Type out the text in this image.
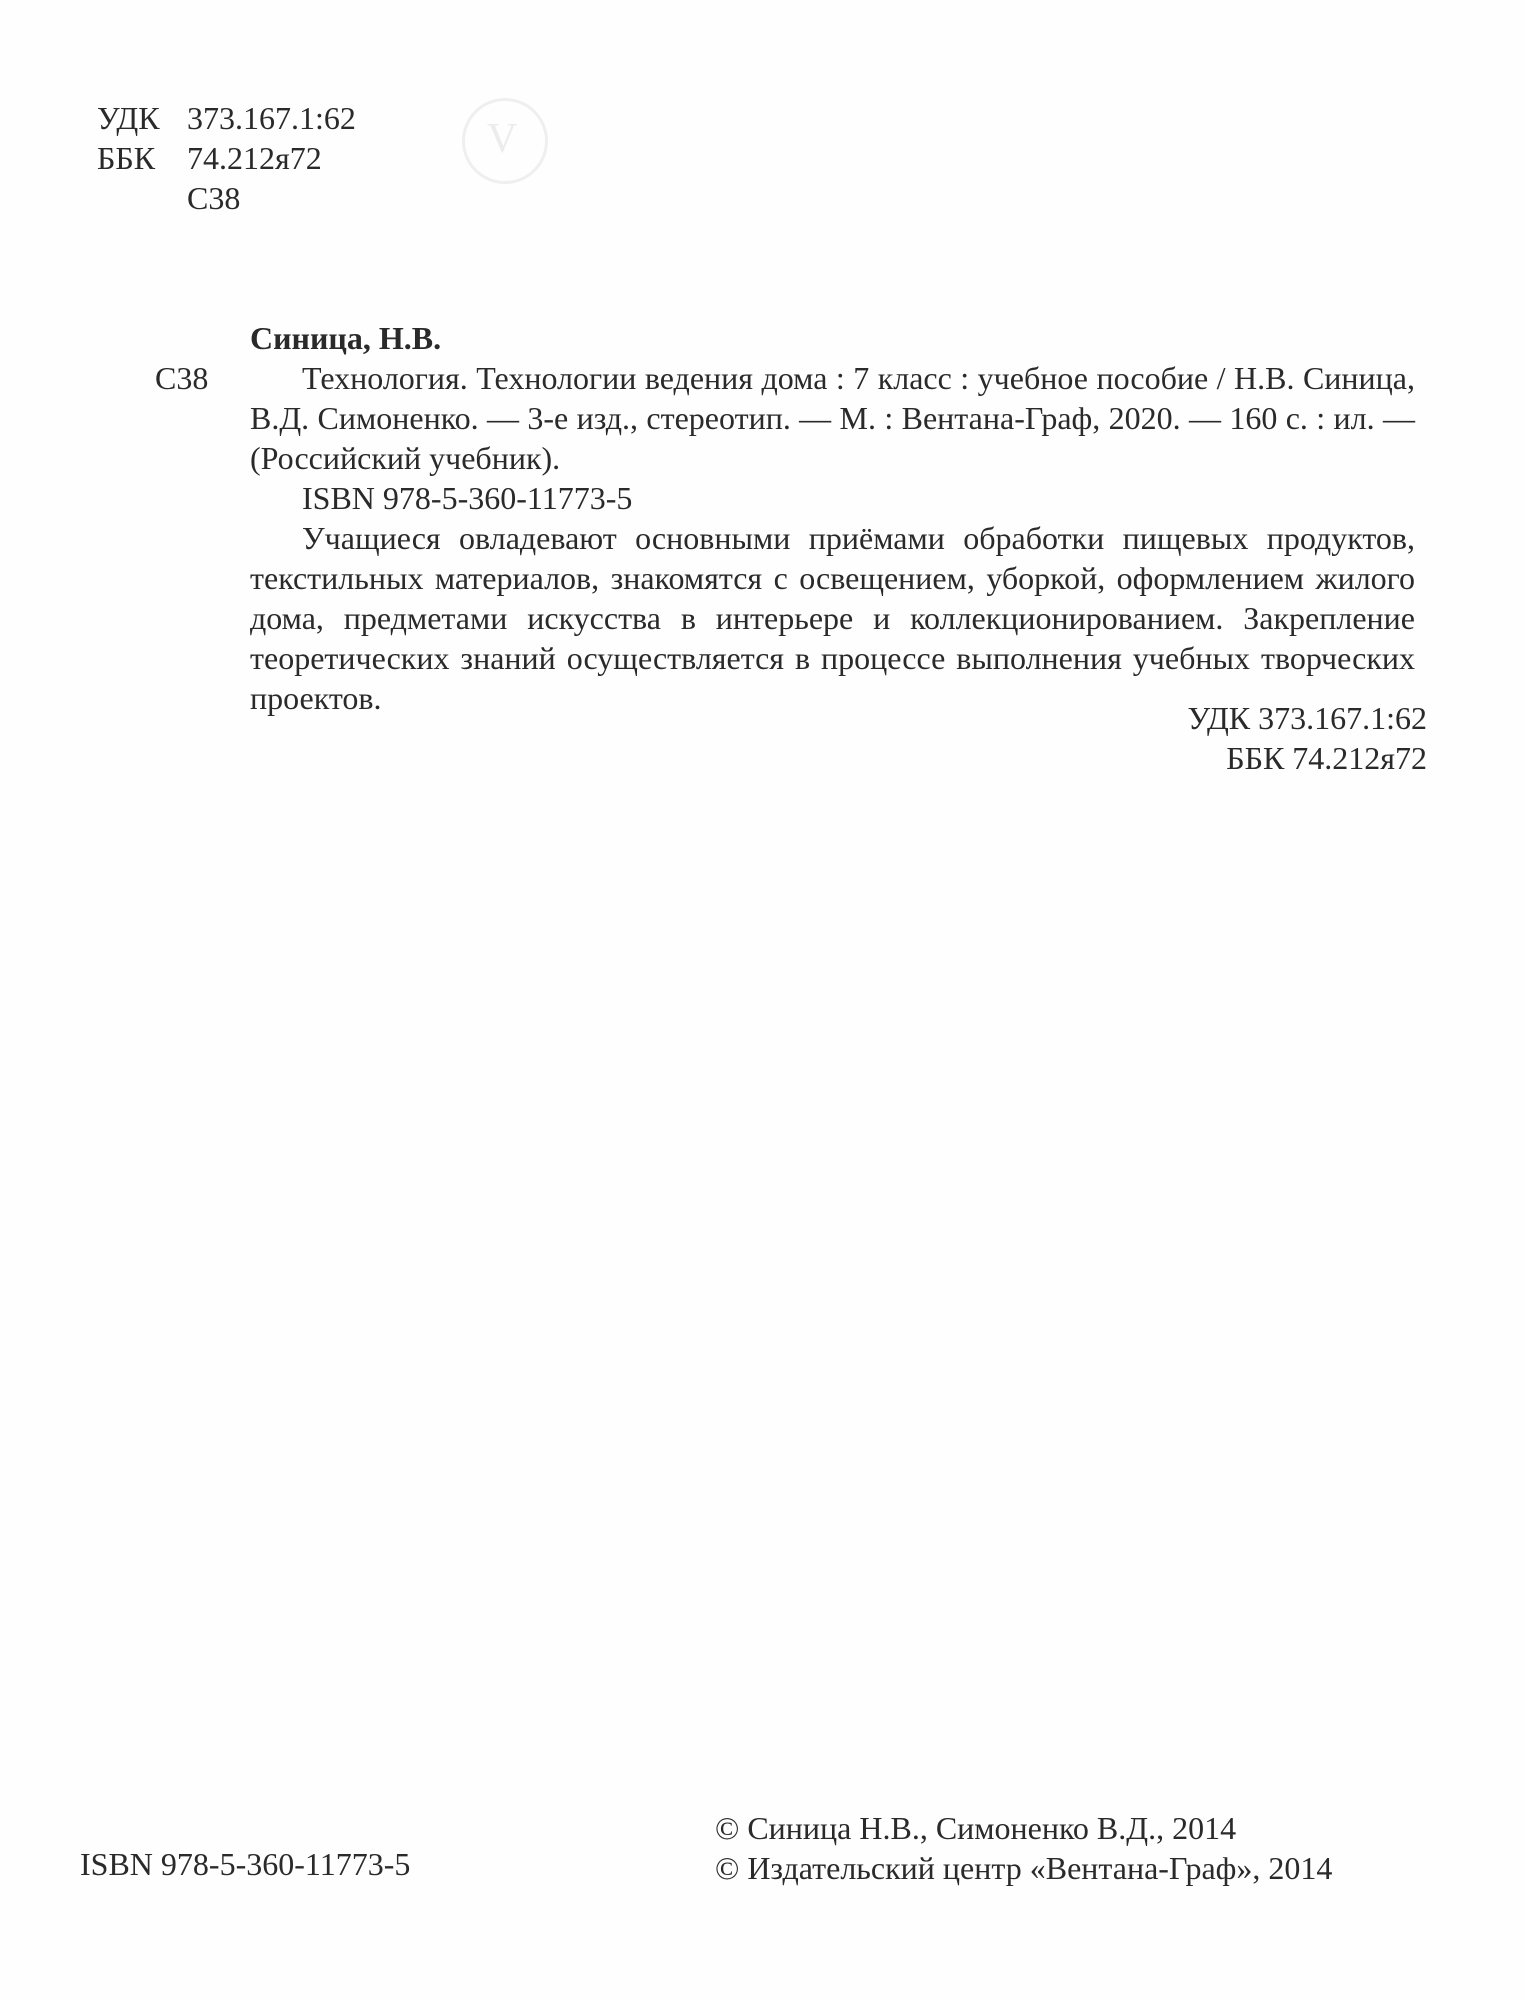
V
УДК 373.167.1:62
ББК 74.212я72
С38
Синица, Н.В.
С38	Технология. Технологии ведения дома : 7 класс : учебное пособие / Н.В. Синица, В.Д. Симоненко. — 3-е изд., стереотип. — М. : Вентана-Граф, 2020. — 160 с. : ил. — (Российский учебник).

ISBN 978-5-360-11773-5

Учащиеся овладевают основными приёмами обработки пищевых продуктов, текстильных материалов, знакомятся с освещением, уборкой, оформлением жилого дома, предметами искусства в интерьере и коллекционированием. Закрепление теоретических знаний осуществляется в процессе выполнения учебных творческих проектов.

УДК 373.167.1:62
ББК 74.212я72
ISBN 978-5-360-11773-5
© Синица Н.В., Симоненко В.Д., 2014
© Издательский центр «Вентана-Граф», 2014
